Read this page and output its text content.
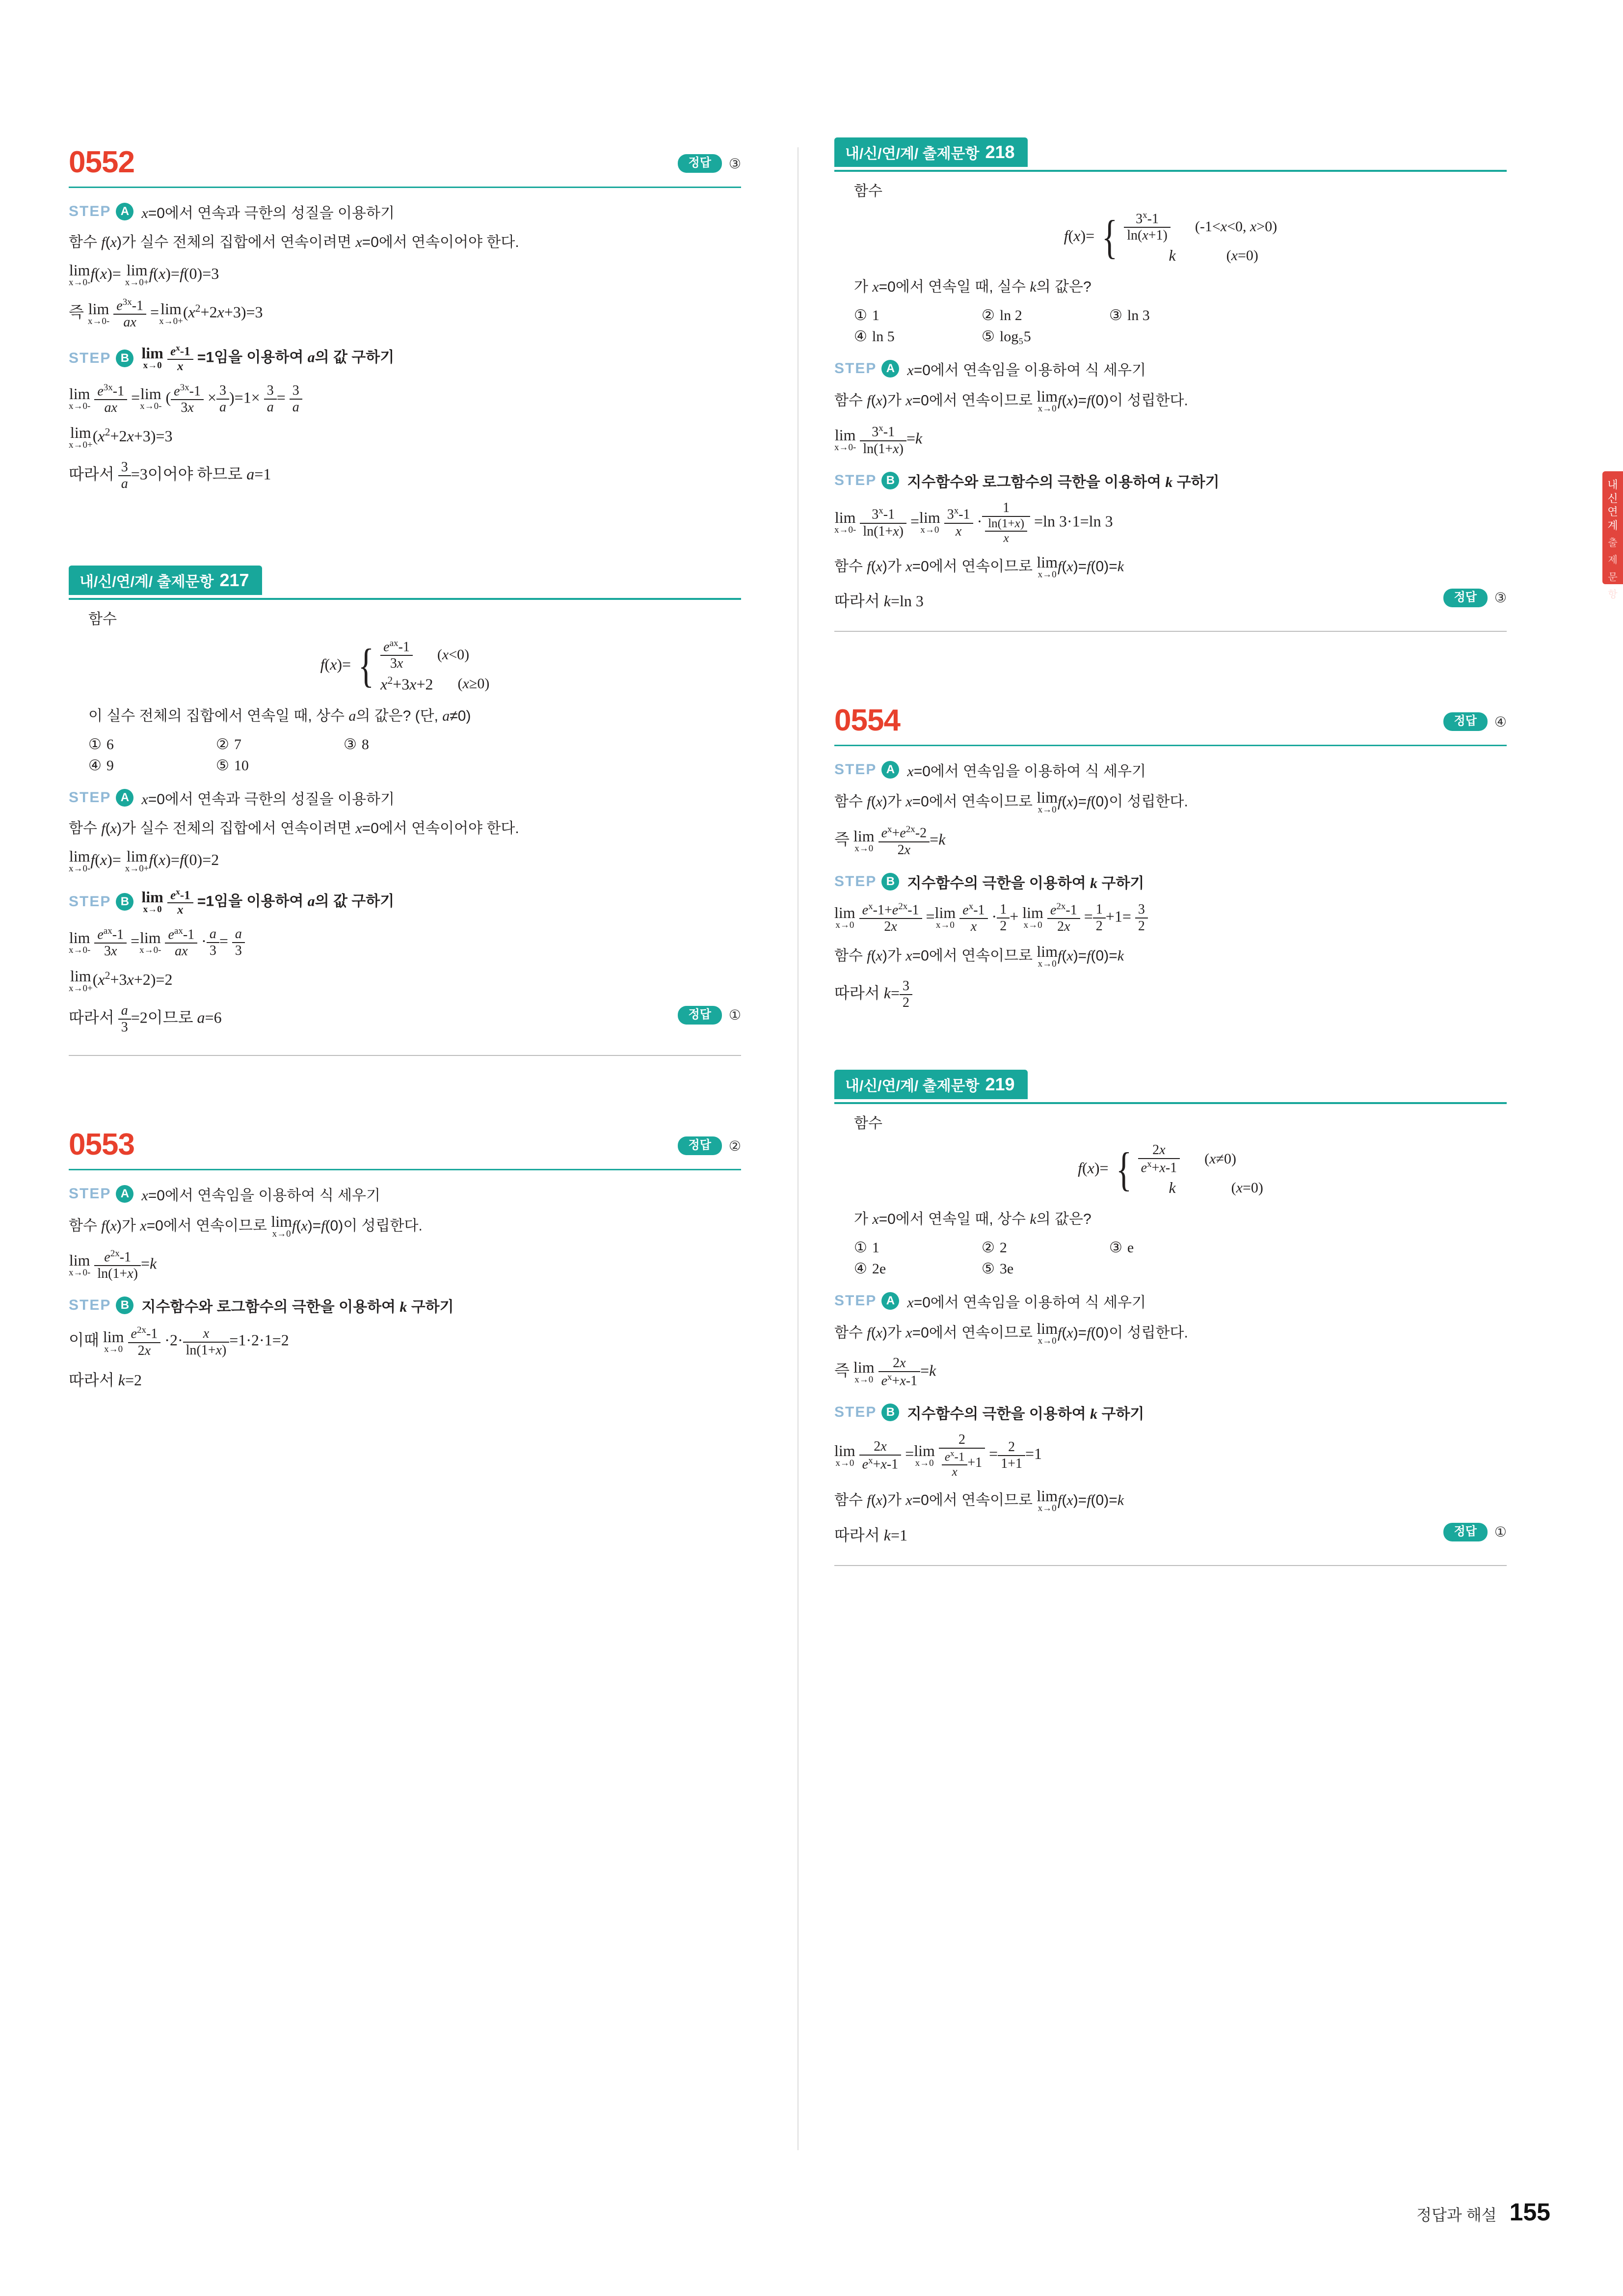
내
신
연
계
출
제
문
항
0552	정답	③
STEP A x=0에서 연속과 극한의 성질을 이용하기
함수 f(x)가 실수 전체의 집합에서 연속이려면 x=0에서 연속이어야 한다.
lim
x→0-
f(x)= lim
x→0+
f(x)=f(0)=3
즉 lim
x→0-
$\frac{e^{3x}-1}{ax} = \lim$
x→0+
$(x^2+2x+3)=3$
STEP B lim
x→0
$\frac{e^x-1}{x} =1$임을 이용하여 a의 값 구하기
lim
x→0-
$\frac{e^{3x}-1}{ax} = \lim$
x→0-
( $\frac{e^{3x}-1}{3x} \times \frac{3}{a} )=1\times \frac{3}{a} = \frac{3}{a}$
lim
x→0+
$(x^2+2x+3)=3$
따라서 $\frac{3}{a} =3$이어야 하므로 a=1
내/신/연/계/ 출제문항 217
함수
f(x)= { $\frac{e^{ax}-1}{3x} (x<0)$
$x^2+3x+2$ (x≥0)
이 실수 전체의 집합에서 연속일 때, 상수 a의 값은? (단, a≠0)
① 6	② 7	③ 8
④ 9	⑤ 10
STEP A x=0에서 연속과 극한의 성질을 이용하기
함수 f(x)가 실수 전체의 집합에서 연속이려면 x=0에서 연속이어야 한다.
lim
x→0-
f(x)= lim
x→0+
f(x)=f(0)=2
STEP B lim
x→0
$\frac{e^x-1}{x} =1$임을 이용하여 a의 값 구하기
lim
x→0-
$\frac{e^{ax}-1}{3x} = \lim$
x→0-
$\frac{e^{ax}-1}{ax} \cdot \frac{a}{3} = \frac{a}{3}$
lim
x→0+
$(x^2+3x+2)=2$
따라서 $\frac{a}{3} =2$이므로 a=6	정답	①
0553	정답	②
STEP A x=0에서 연속임을 이용하여 식 세우기
함수 f(x)가 x=0에서 연속이므로 lim
x→0
f(x)=f(0)이 성립한다.
lim
x→0-
$\frac{e^{2x}-1}{\ln(1+x)} =k$
STEP B 지수함수와 로그함수의 극한을 이용하여 k 구하기
이때 lim
x→0
$\frac{e^{2x}-1}{2x} \cdot 2\cdot \frac{x}{\ln(1+x)} =1\cdot 2\cdot 1=2$
따라서 k=2
내/신/연/계/ 출제문항 218
함수
f(x)= { $\frac{3^x-1}{\ln(x+1)} (-1<x<0$, x>0)
k	(x=0)
가 x=0에서 연속일 때, 실수 k의 값은?
① 1	② ln 2	③ ln 3
④ ln 5	⑤ log₅5
STEP A x=0에서 연속임을 이용하여 식 세우기
함수 f(x)가 x=0에서 연속이므로 lim
x→0
f(x)=f(0)이 성립한다.
lim
x→0-
$\frac{3^x-1}{\ln(1+x)} =k$
STEP B 지수함수와 로그함수의 극한을 이용하여 k 구하기
lim
x→0-
$\frac{3^x-1}{\ln(1+x)} = \lim$
x→0
$\frac{3^x-1}{x} \cdot \frac{1}{\frac{\ln(1+x)}{x}} =\ln$ 3·1=ln 3
함수 f(x)가 x=0에서 연속이므로 lim
x→0
f(x)=f(0)=k
따라서 k=ln 3	정답	③
0554	정답	④
STEP A x=0에서 연속임을 이용하여 식 세우기
함수 f(x)가 x=0에서 연속이므로 lim
x→0
f(x)=f(0)이 성립한다.
즉 lim
x→0
$\frac{e^x+e^{2x}-2}{2x} =k$
STEP B 지수함수의 극한을 이용하여 k 구하기
lim
x→0
$\frac{e^x-1+e^{2x}-1}{2x} = \lim$
x→0
$\frac{e^x-1}{x} \cdot \frac{1}{2} + \lim$
x→0
$\frac{e^{2x}-1}{2x} = \frac{1}{2} +1= \frac{3}{2}$
함수 f(x)가 x=0에서 연속이므로 lim
x→0
f(x)=f(0)=k
따라서 $k= \frac{3}{2}$
내/신/연/계/ 출제문항 219
함수
f(x)= { $\frac{2x}{e^x+x-1} (x\ne 0)$
k	(x=0)
가 x=0에서 연속일 때, 상수 k의 값은?
① 1	② 2	③ e
④ 2e	⑤ 3e
STEP A x=0에서 연속임을 이용하여 식 세우기
함수 f(x)가 x=0에서 연속이므로 lim
x→0
f(x)=f(0)이 성립한다.
즉 lim
x→0
$\frac{2x}{e^x+x-1} =k$
STEP B 지수함수의 극한을 이용하여 k 구하기
lim
x→0
$\frac{2x}{e^x+x-1} = \lim$
x→0
$\frac{2}{\frac{e^x-1}{x} +1} = \frac{2}{1+1} =1$
함수 f(x)가 x=0에서 연속이므로 lim
x→0
f(x)=f(0)=k
따라서 k=1	정답	①
정답과 해설 155
